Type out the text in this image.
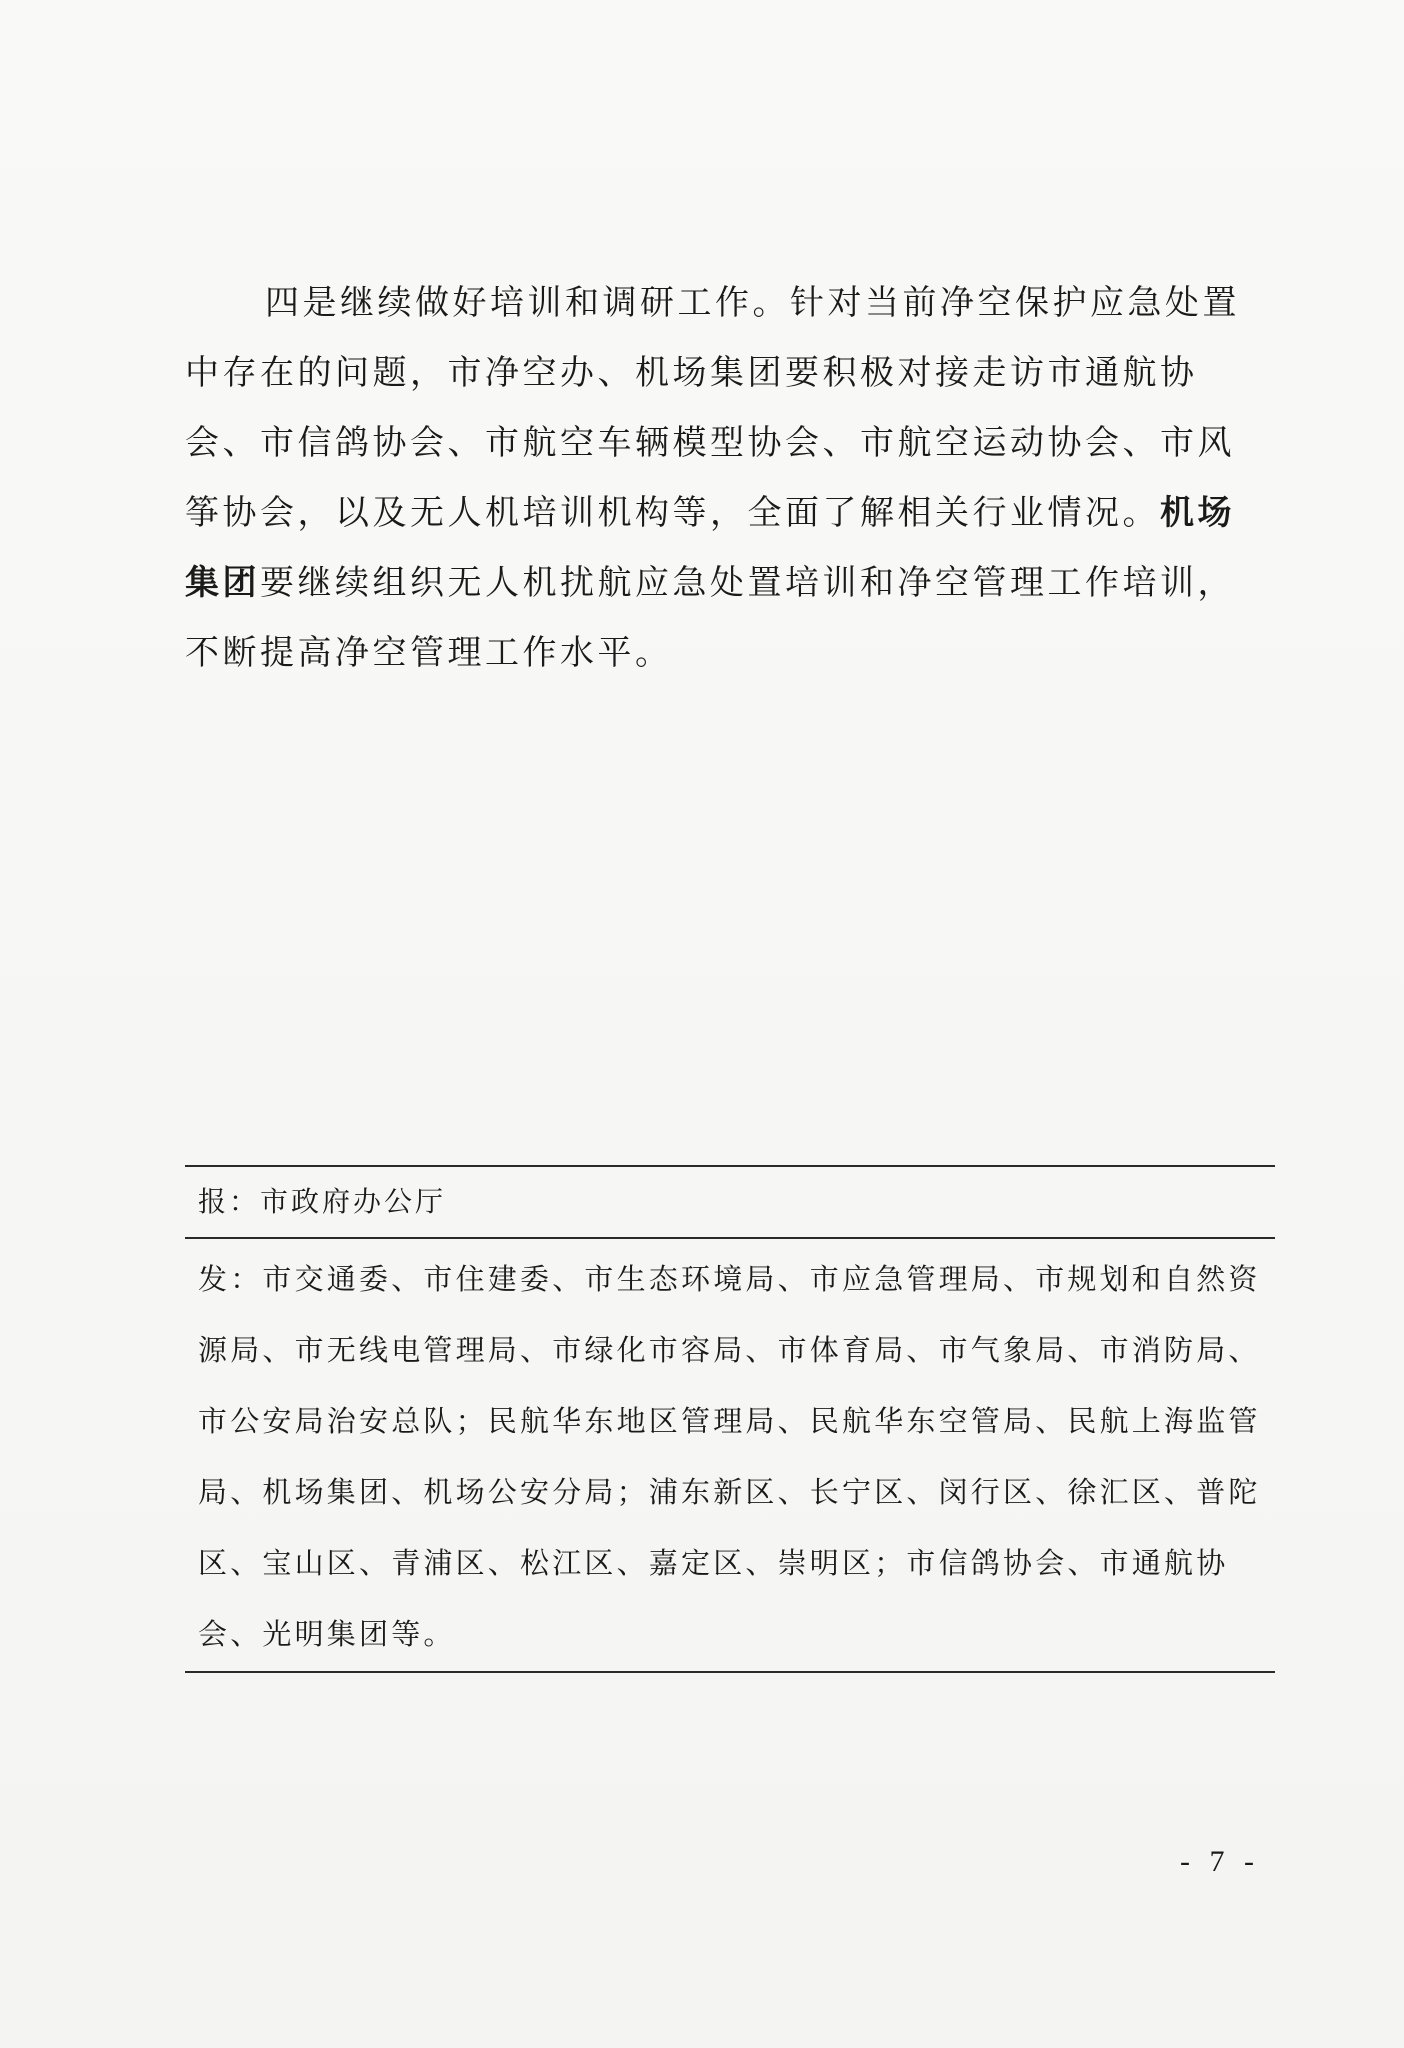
四是继续做好培训和调研工作。针对当前净空保护应急处置中存在的问题，市净空办、机场集团要积极对接走访市通航协会、市信鸽协会、市航空车辆模型协会、市航空运动协会、市风筝协会，以及无人机培训机构等，全面了解相关行业情况。机场集团要继续组织无人机扰航应急处置培训和净空管理工作培训，不断提高净空管理工作水平。

报：市政府办公厅

发：市交通委、市住建委、市生态环境局、市应急管理局、市规划和自然资源局、市无线电管理局、市绿化市容局、市体育局、市气象局、市消防局、市公安局治安总队；民航华东地区管理局、民航华东空管局、民航上海监管局、机场集团、机场公安分局；浦东新区、长宁区、闵行区、徐汇区、普陀区、宝山区、青浦区、松江区、嘉定区、崇明区；市信鸽协会、市通航协会、光明集团等。

- 7 -
